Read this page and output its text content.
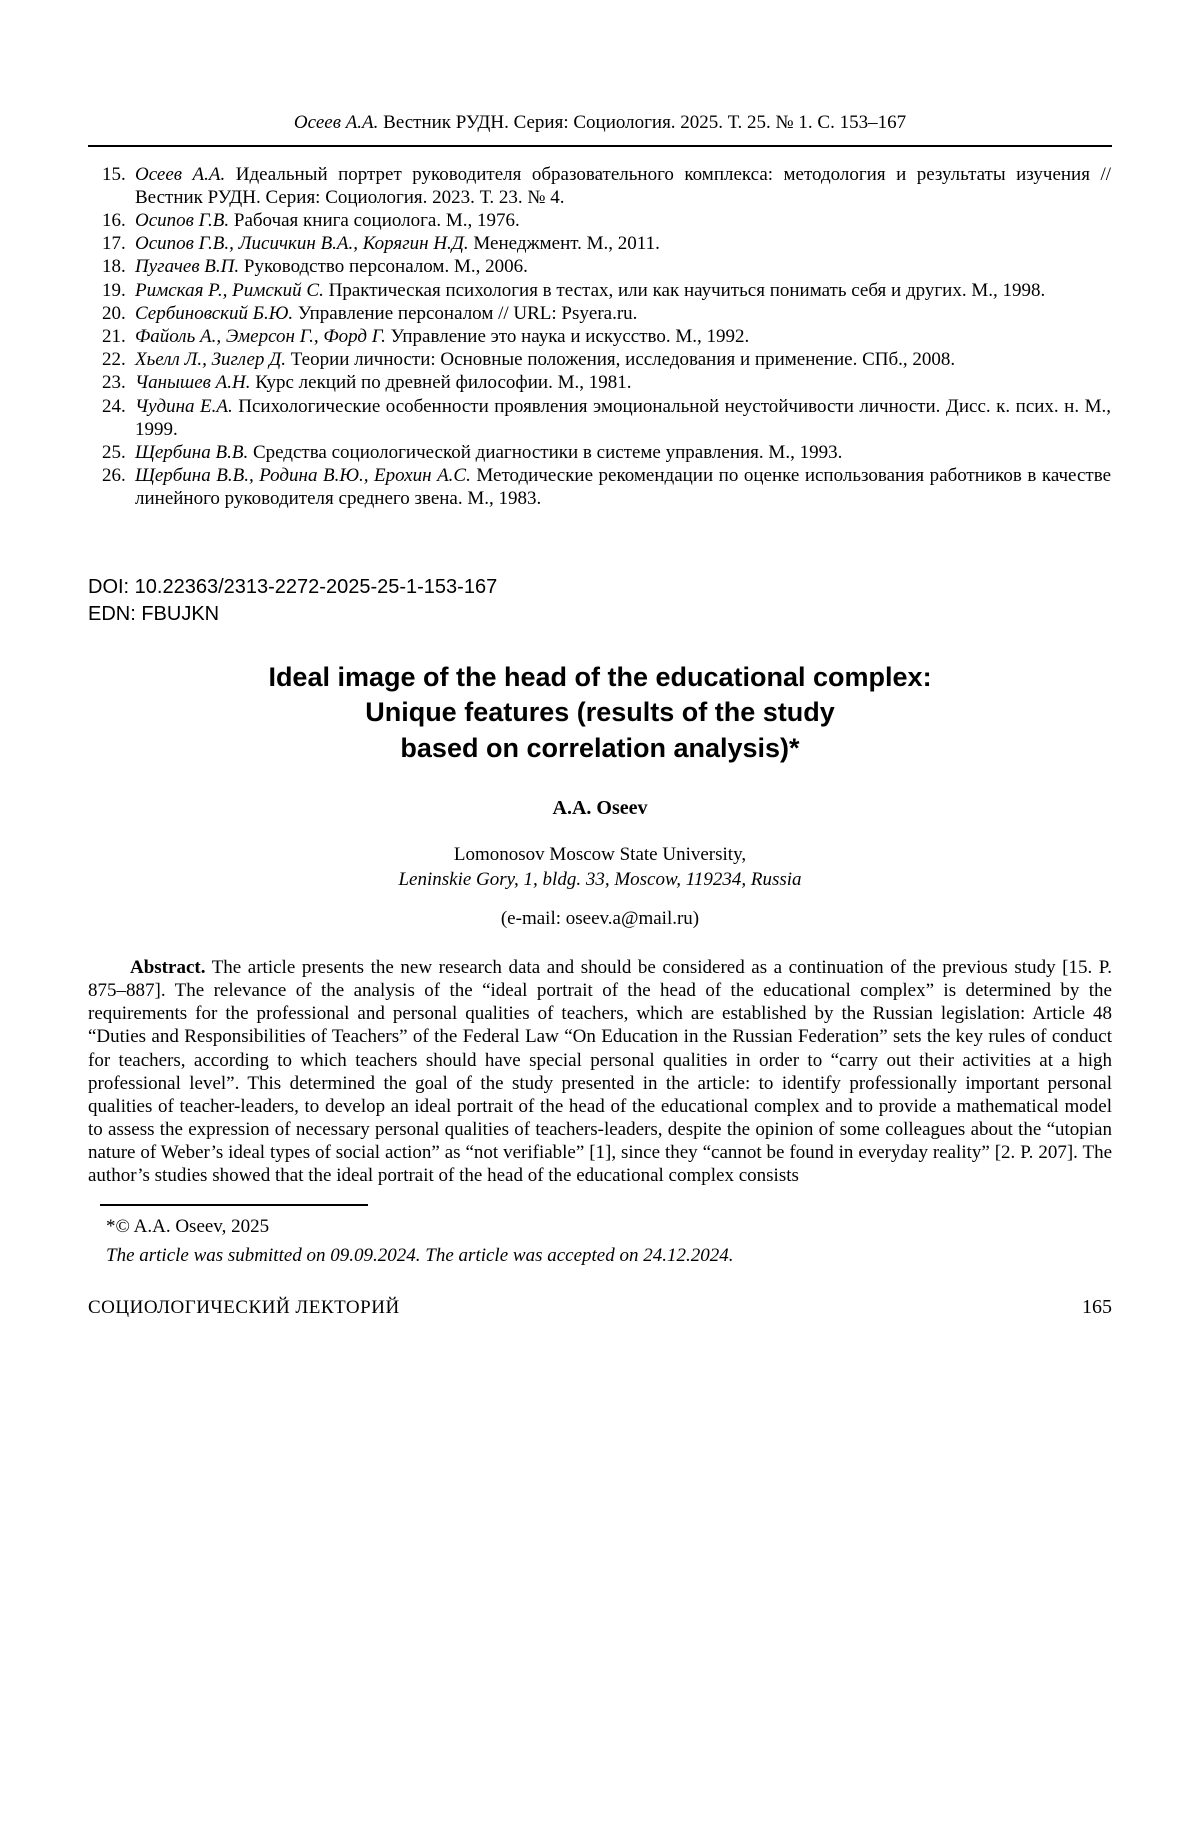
Осеев А.А. Вестник РУДН. Серия: Социология. 2025. Т. 25. № 1. С. 153–167
15. Осеев А.А. Идеальный портрет руководителя образовательного комплекса: методология и результаты изучения // Вестник РУДН. Серия: Социология. 2023. Т. 23. № 4.
16. Осипов Г.В. Рабочая книга социолога. М., 1976.
17. Осипов Г.В., Лисичкин В.А., Корягин Н.Д. Менеджмент. М., 2011.
18. Пугачев В.П. Руководство персоналом. М., 2006.
19. Римская Р., Римский С. Практическая психология в тестах, или как научиться понимать себя и других. М., 1998.
20. Сербиновский Б.Ю. Управление персоналом // URL: Psyera.ru.
21. Файоль А., Эмерсон Г., Форд Г. Управление это наука и искусство. М., 1992.
22. Хьелл Л., Зиглер Д. Теории личности: Основные положения, исследования и применение. СПб., 2008.
23. Чанышев А.Н. Курс лекций по древней философии. М., 1981.
24. Чудина Е.А. Психологические особенности проявления эмоциональной неустойчивости личности. Дисс. к. псих. н. М., 1999.
25. Щербина В.В. Средства социологической диагностики в системе управления. М., 1993.
26. Щербина В.В., Родина В.Ю., Ерохин А.С. Методические рекомендации по оценке использования работников в качестве линейного руководителя среднего звена. М., 1983.
DOI: 10.22363/2313-2272-2025-25-1-153-167
EDN: FBUJKN
Ideal image of the head of the educational complex:
Unique features (results of the study
based on correlation analysis)*
A.A. Oseev
Lomonosov Moscow State University,
Leninskie Gory, 1, bldg. 33, Moscow, 119234, Russia
(e-mail: oseev.a@mail.ru)

Abstract. The article presents the new research data and should be considered as a continuation of the previous study [15. P. 875–887]. The relevance of the analysis of the “ideal portrait of the head of the educational complex” is determined by the requirements for the professional and personal qualities of teachers, which are established by the Russian legislation: Article 48 “Duties and Responsibilities of Teachers” of the Federal Law “On Education in the Russian Federation” sets the key rules of conduct for teachers, according to which teachers should have special personal qualities in order to “carry out their activities at a high professional level”. This determined the goal of the study presented in the article: to identify professionally important personal qualities of teacher-leaders, to develop an ideal portrait of the head of the educational complex and to provide a mathematical model to assess the expression of necessary personal qualities of teachers-leaders, despite the opinion of some colleagues about the “utopian nature of Weber’s ideal types of social action” as “not verifiable” [1], since they “cannot be found in everyday reality” [2. P. 207]. The author’s studies showed that the ideal portrait of the head of the educational complex consists

*© A.A. Oseev, 2025
The article was submitted on 09.09.2024. The article was accepted on 24.12.2024.
СОЦИОЛОГИЧЕСКИЙ ЛЕКТОРИЙ	165
